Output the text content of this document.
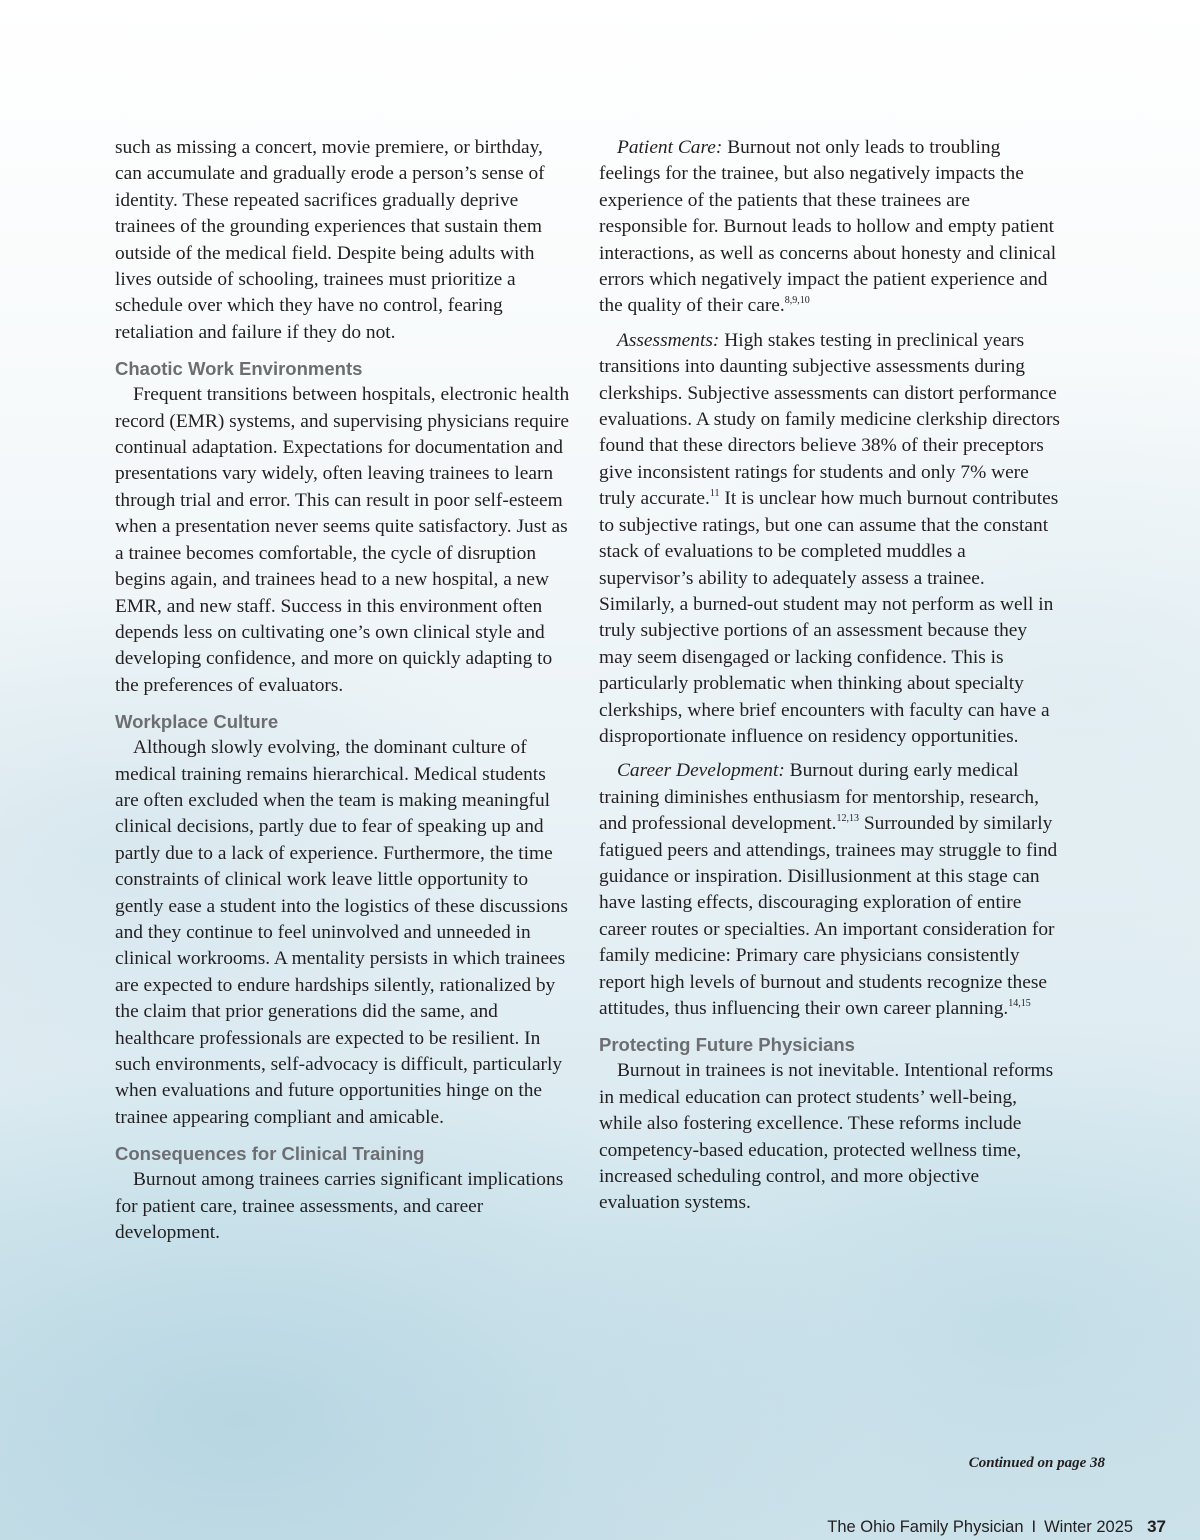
such as missing a concert, movie premiere, or birthday, can accumulate and gradually erode a person’s sense of identity. These repeated sacrifices gradually deprive trainees of the grounding experiences that sustain them outside of the medical field. Despite being adults with lives outside of schooling, trainees must prioritize a schedule over which they have no control, fearing retaliation and failure if they do not.

Chaotic Work Environments

Frequent transitions between hospitals, electronic health record (EMR) systems, and supervising physicians require continual adaptation. Expectations for documentation and presentations vary widely, often leaving trainees to learn through trial and error. This can result in poor self-esteem when a presentation never seems quite satisfactory. Just as a trainee becomes comfortable, the cycle of disruption begins again, and trainees head to a new hospital, a new EMR, and new staff. Success in this environment often depends less on cultivating one’s own clinical style and developing confidence, and more on quickly adapting to the preferences of evaluators.

Workplace Culture

Although slowly evolving, the dominant culture of medical training remains hierarchical. Medical students are often excluded when the team is making meaningful clinical decisions, partly due to fear of speaking up and partly due to a lack of experience. Furthermore, the time constraints of clinical work leave little opportunity to gently ease a student into the logistics of these discussions and they continue to feel uninvolved and unneeded in clinical workrooms. A mentality persists in which trainees are expected to endure hardships silently, rationalized by the claim that prior generations did the same, and healthcare professionals are expected to be resilient. In such environments, self-advocacy is difficult, particularly when evaluations and future opportunities hinge on the trainee appearing compliant and amicable.

Consequences for Clinical Training

Burnout among trainees carries significant implications for patient care, trainee assessments, and career development.

Patient Care: Burnout not only leads to troubling feelings for the trainee, but also negatively impacts the experience of the patients that these trainees are responsible for. Burnout leads to hollow and empty patient interactions, as well as concerns about honesty and clinical errors which negatively impact the patient experience and the quality of their care.$^{8,9,10}$

Assessments: High stakes testing in preclinical years transitions into daunting subjective assessments during clerkships. Subjective assessments can distort performance evaluations. A study on family medicine clerkship directors found that these directors believe 38% of their preceptors give inconsistent ratings for students and only 7% were truly accurate.$^{11}$ It is unclear how much burnout contributes to subjective ratings, but one can assume that the constant stack of evaluations to be completed muddles a supervisor’s ability to adequately assess a trainee. Similarly, a burned-out student may not perform as well in truly subjective portions of an assessment because they may seem disengaged or lacking confidence. This is particularly problematic when thinking about specialty clerkships, where brief encounters with faculty can have a disproportionate influence on residency opportunities.

Career Development: Burnout during early medical training diminishes enthusiasm for mentorship, research, and professional development.$^{12,13}$ Surrounded by similarly fatigued peers and attendings, trainees may struggle to find guidance or inspiration. Disillusionment at this stage can have lasting effects, discouraging exploration of entire career routes or specialties. An important consideration for family medicine: Primary care physicians consistently report high levels of burnout and students recognize these attitudes, thus influencing their own career planning.$^{14,15}$

Protecting Future Physicians

Burnout in trainees is not inevitable. Intentional reforms in medical education can protect students’ well-being, while also fostering excellence. These reforms include competency-based education, protected wellness time, increased scheduling control, and more objective evaluation systems.

Continued on page 38
The Ohio Family Physician I Winter 2025 37
